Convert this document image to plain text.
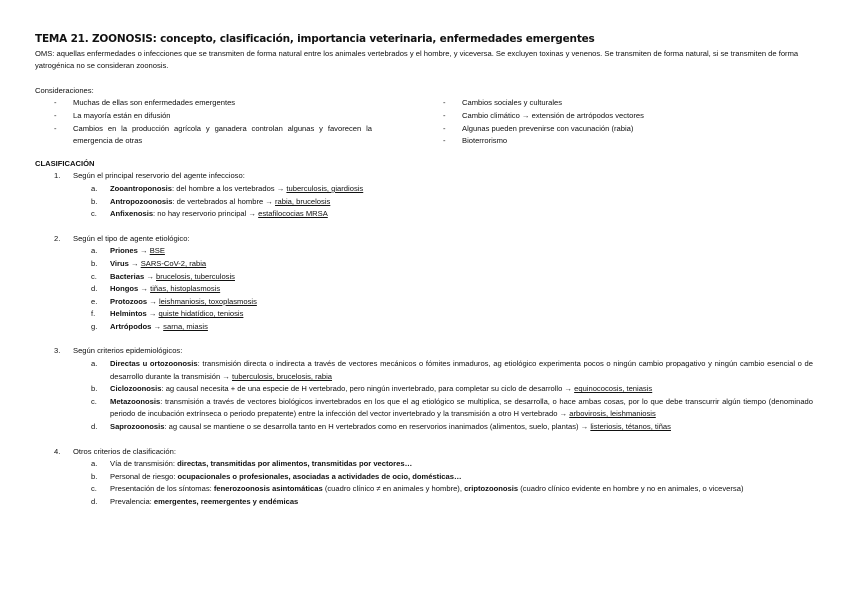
TEMA 21. ZOONOSIS: concepto, clasificación, importancia veterinaria, enfermedades emergentes

OMS: aquellas enfermedades o infecciones que se transmiten de forma natural entre los animales vertebrados y el hombre, y viceversa. Se excluyen toxinas y venenos. Se transmiten de forma natural, si se transmiten de forma yatrogénica no se consideran zoonosis.

Consideraciones:

- Muchas de ellas son enfermedades emergentes
- La mayoría están en difusión
- Cambios en la producción agrícola y ganadera controlan algunas y favorecen la emergencia de otras
- Cambios sociales y culturales
- Cambio climático → extensión de artrópodos vectores
- Algunas pueden prevenirse con vacunación (rabia)
- Bioterrorismo
CLASIFICACIÓN
1. Según el principal reservorio del agente infeccioso:
a. Zooantroponosis: del hombre a los vertebrados → tuberculosis, giardiosis
b. Antropozoonosis: de vertebrados al hombre → rabia, brucelosis
c. Anfixenosis: no hay reservorio principal → estafilococias MRSA
2. Según el tipo de agente etiológico:
a. Priones → BSE
b. Virus → SARS-CoV-2, rabia
c. Bacterias → brucelosis, tuberculosis
d. Hongos → tiñas, histoplasmosis
e. Protozoos → leishmaniosis, toxoplasmosis
f. Helmintos → quiste hidatídico, teniosis
g. Artrópodos → sarna, miasis
3. Según criterios epidemiológicos:
a. Directas u ortozoonosis: transmisión directa o indirecta a través de vectores mecánicos o fómites inmaduros, ag etiológico experimenta pocos o ningún cambio propagativo y ningún cambio esencial o de desarrollo durante la transmisión → tuberculosis, brucelosis, rabia
b. Ciclozoonosis: ag causal necesita + de una especie de H vertebrado, pero ningún invertebrado, para completar su ciclo de desarrollo → equinococosis, teniasis
c. Metazoonosis: transmisión a través de vectores biológicos invertebrados en los que el ag etiológico se multiplica, se desarrolla, o hace ambas cosas, por lo que debe transcurrir algún tiempo (denominado periodo de incubación extrínseca o periodo prepatente) entre la infección del vector invertebrado y la transmisión a otro H vertebrado → arbovirosis, leishmaniosis
d. Saprozoonosis: ag causal se mantiene o se desarrolla tanto en H vertebrados como en reservorios inanimados (alimentos, suelo, plantas) → listeriosis, tétanos, tiñas
4. Otros criterios de clasificación:
a. Vía de transmisión: directas, transmitidas por alimentos, transmitidas por vectores…
b. Personal de riesgo: ocupacionales o profesionales, asociadas a actividades de ocio, domésticas…
c. Presentación de los síntomas: fenerozoonosis asintomáticas (cuadro clínico ≠ en animales y hombre), criptozoonosis (cuadro clínico evidente en hombre y no en animales, o viceversa)
d. Prevalencia: emergentes, reemergentes y endémicas
